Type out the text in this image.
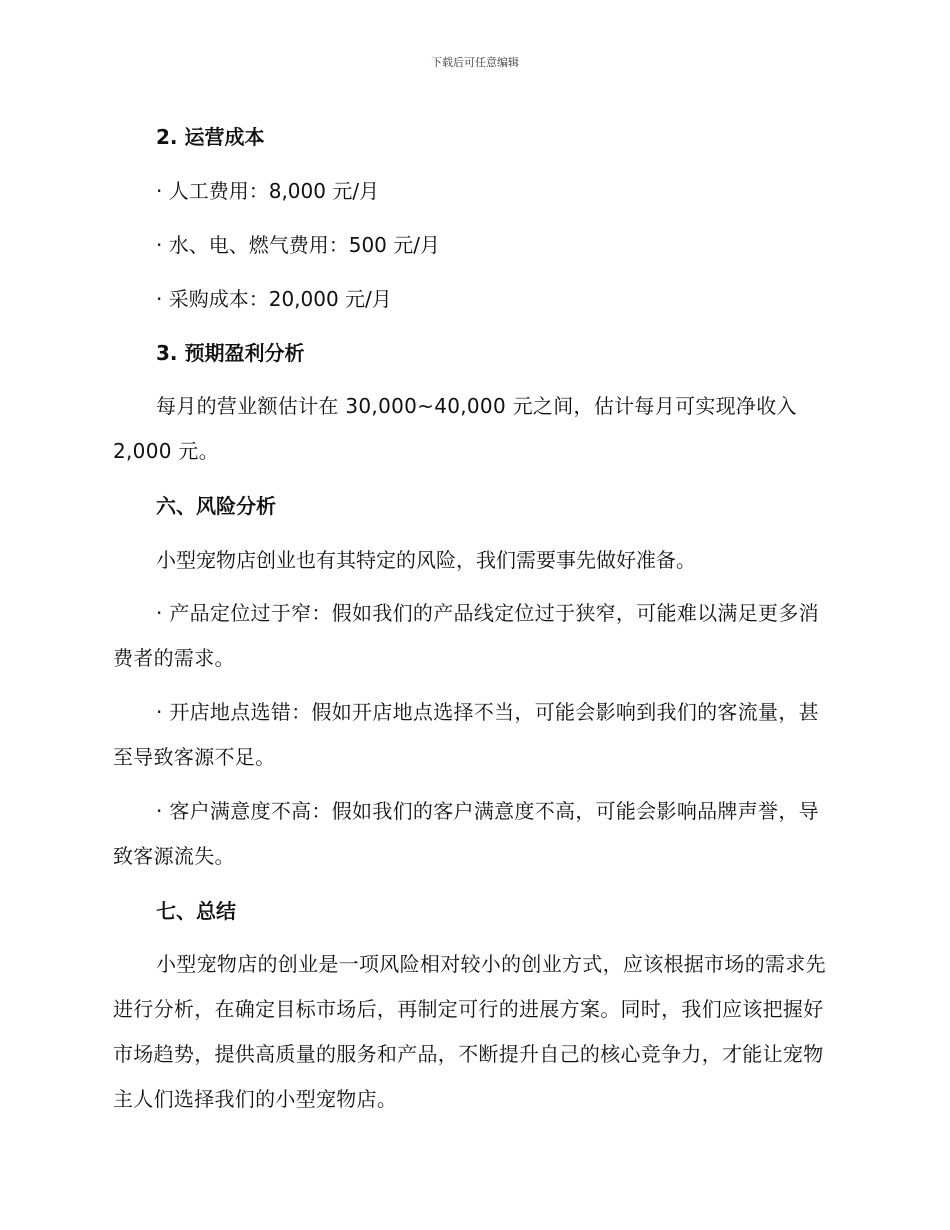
下载后可任意编辑

2. 运营成本

· 人工费用：8,000 元/月

· 水、电、燃气费用：500 元/月

· 采购成本：20,000 元/月

3. 预期盈利分析

每月的营业额估计在 30,000~40,000 元之间，估计每月可实现净收入 2,000 元。

六、风险分析

小型宠物店创业也有其特定的风险，我们需要事先做好准备。

· 产品定位过于窄：假如我们的产品线定位过于狭窄，可能难以满足更多消费者的需求。

· 开店地点选错：假如开店地点选择不当，可能会影响到我们的客流量，甚至导致客源不足。

· 客户满意度不高：假如我们的客户满意度不高，可能会影响品牌声誉，导致客源流失。

七、总结

小型宠物店的创业是一项风险相对较小的创业方式，应该根据市场的需求先进行分析，在确定目标市场后，再制定可行的进展方案。同时，我们应该把握好市场趋势，提供高质量的服务和产品，不断提升自己的核心竞争力，才能让宠物主人们选择我们的小型宠物店。
